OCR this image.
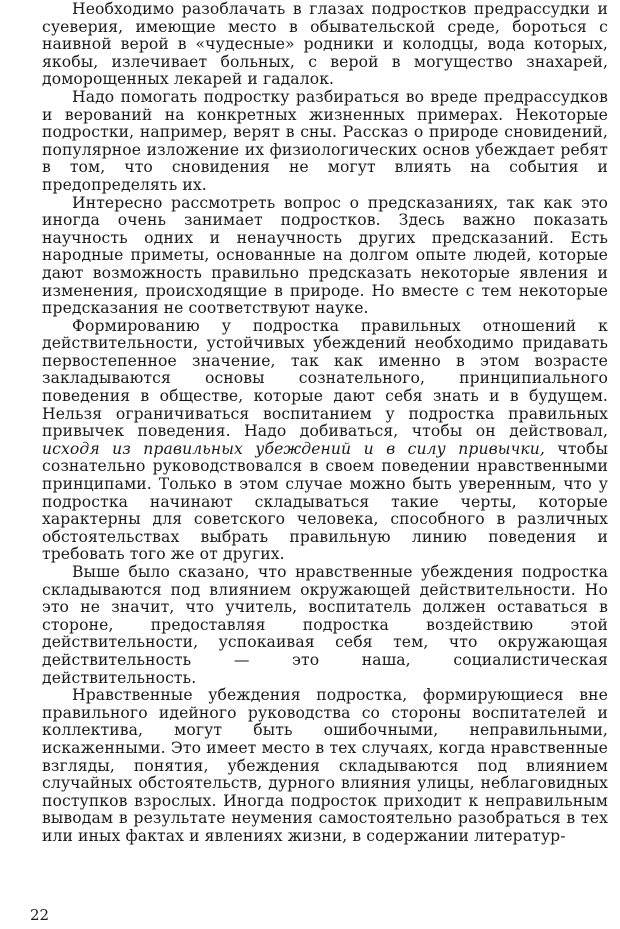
Необходимо разоблачать в глазах подростков предрассудки и суеверия, имеющие место в обывательской среде, бороться с наивной верой в «чудесные» родники и колодцы, вода которых, якобы, излечивает больных, с верой в могущество знахарей, доморощенных лекарей и гадалок.

Надо помогать подростку разбираться во вреде предрассудков и верований на конкретных жизненных примерах. Некоторые подростки, например, верят в сны. Рассказ о природе сновидений, популярное изложение их физиологических основ убеждает ребят в том, что сновидения не могут влиять на события и предопределять их.

Интересно рассмотреть вопрос о предсказаниях, так как это иногда очень занимает подростков. Здесь важно показать научность одних и ненаучность других предсказаний. Есть народные приметы, основанные на долгом опыте людей, которые дают возможность правильно предсказать некоторые явления и изменения, происходящие в природе. Но вместе с тем некоторые предсказания не соответствуют науке.

Формированию у подростка правильных отношений к действительности, устойчивых убеждений необходимо придавать первостепенное значение, так как именно в этом возрасте закладываются основы сознательного, принципиального поведения в обществе, которые дают себя знать и в будущем. Нельзя ограничиваться воспитанием у подростка правильных привычек поведения. Надо добиваться, чтобы он действовал, исходя из правильных убеждений и в силу привычки, чтобы сознательно руководствовался в своем поведении нравственными принципами. Только в этом случае можно быть уверенным, что у подростка начинают складываться такие черты, которые характерны для советского человека, способного в различных обстоятельствах выбрать правильную линию поведения и требовать того же от других.

Выше было сказано, что нравственные убеждения подростка складываются под влиянием окружающей действительности. Но это не значит, что учитель, воспитатель должен оставаться в стороне, предоставляя подростка воздействию этой действительности, успокаивая себя тем, что окружающая действительность — это наша, социалистическая действительность.

Нравственные убеждения подростка, формирующиеся вне правильного идейного руководства со стороны воспитателей и коллектива, могут быть ошибочными, неправильными, искаженными. Это имеет место в тех случаях, когда нравственные взгляды, понятия, убеждения складываются под влиянием случайных обстоятельств, дурного влияния улицы, неблаговидных поступков взрослых. Иногда подросток приходит к неправильным выводам в результате неумения самостоятельно разобраться в тех или иных фактах и явлениях жизни, в содержании литератур-

22
